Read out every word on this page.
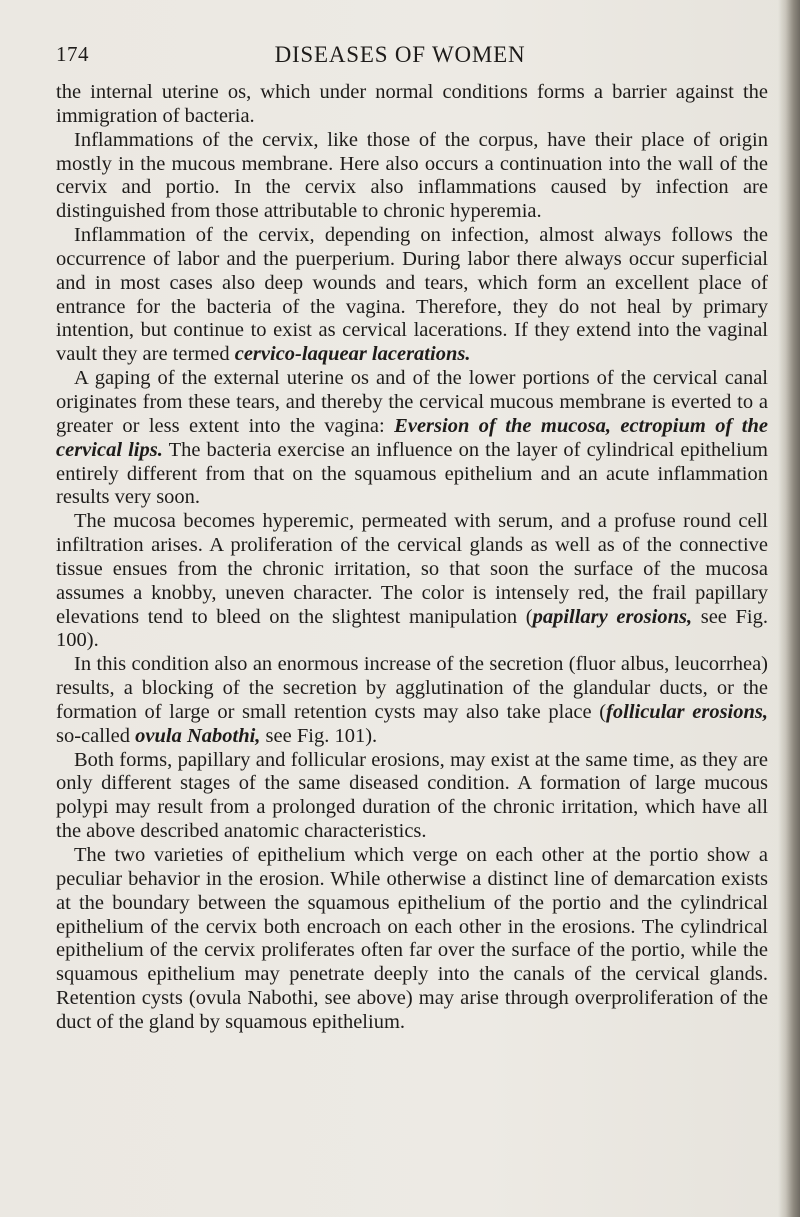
174	DISEASES OF WOMEN

the internal uterine os, which under normal conditions forms a barrier against the immigration of bacteria.

Inflammations of the cervix, like those of the corpus, have their place of origin mostly in the mucous membrane. Here also occurs a continuation into the wall of the cervix and portio. In the cervix also inflammations caused by infection are distinguished from those attributable to chronic hyperemia.

Inflammation of the cervix, depending on infection, almost always follows the occurrence of labor and the puerperium. During labor there always occur superficial and in most cases also deep wounds and tears, which form an excellent place of entrance for the bacteria of the vagina. Therefore, they do not heal by primary intention, but continue to exist as cervical lacerations. If they extend into the vaginal vault they are termed cervico-laquear lacerations.

A gaping of the external uterine os and of the lower portions of the cervical canal originates from these tears, and thereby the cervical mucous membrane is everted to a greater or less extent into the vagina: Eversion of the mucosa, ectropium of the cervical lips. The bacteria exercise an influence on the layer of cylindrical epithelium entirely different from that on the squamous epithelium and an acute inflammation results very soon.

The mucosa becomes hyperemic, permeated with serum, and a profuse round cell infiltration arises. A proliferation of the cervical glands as well as of the connective tissue ensues from the chronic irritation, so that soon the surface of the mucosa assumes a knobby, uneven character. The color is intensely red, the frail papillary elevations tend to bleed on the slightest manipulation (papillary erosions, see Fig. 100).

In this condition also an enormous increase of the secretion (fluor albus, leucorrhea) results, a blocking of the secretion by agglutination of the glandular ducts, or the formation of large or small retention cysts may also take place (follicular erosions, so-called ovula Nabothi, see Fig. 101).

Both forms, papillary and follicular erosions, may exist at the same time, as they are only different stages of the same diseased condition. A formation of large mucous polypi may result from a prolonged duration of the chronic irritation, which have all the above described anatomic characteristics.

The two varieties of epithelium which verge on each other at the portio show a peculiar behavior in the erosion. While otherwise a distinct line of demarcation exists at the boundary between the squamous epithelium of the portio and the cylindrical epithelium of the cervix both encroach on each other in the erosions. The cylindrical epithelium of the cervix proliferates often far over the surface of the portio, while the squamous epithelium may penetrate deeply into the canals of the cervical glands. Retention cysts (ovula Nabothi, see above) may arise through overproliferation of the duct of the gland by squamous epithelium.
